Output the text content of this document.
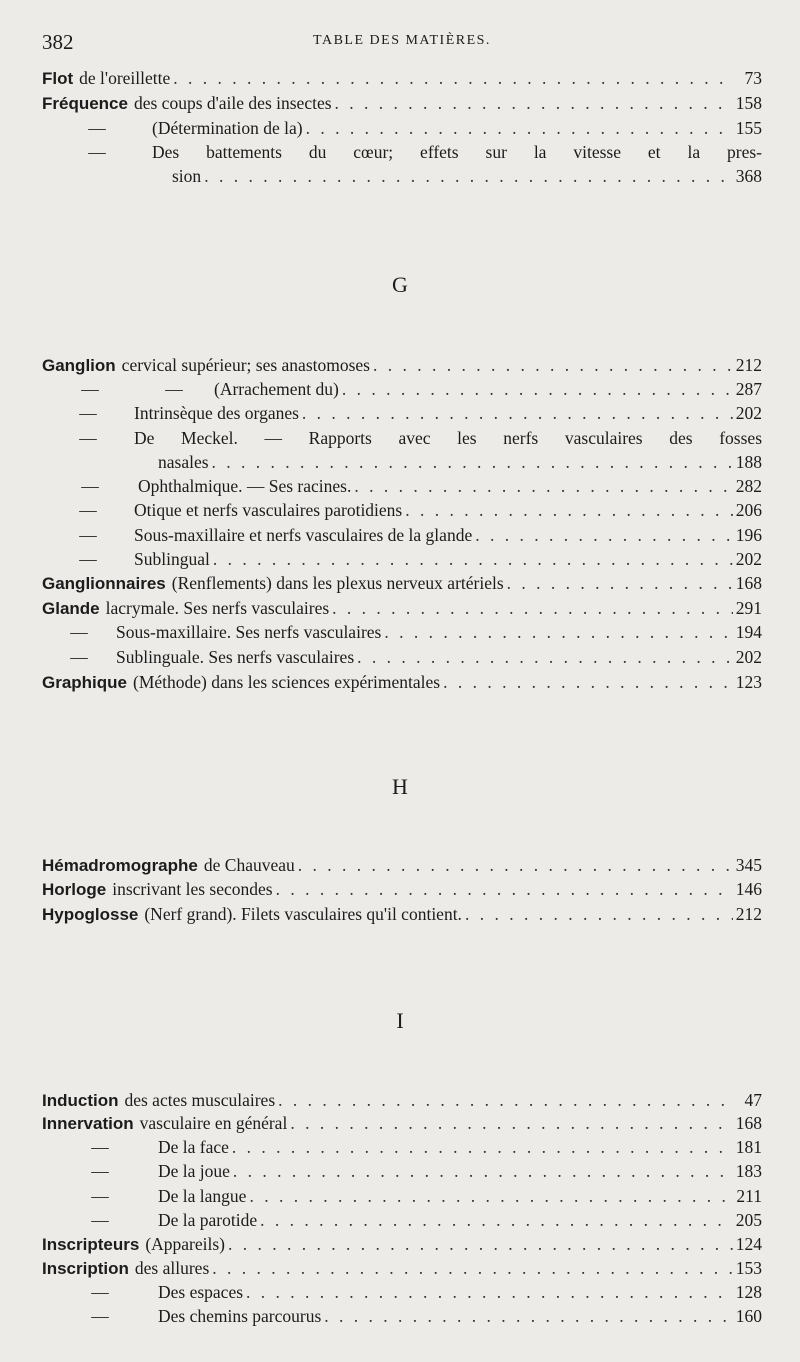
382	TABLE DES MATIÈRES.
Flot de l'oreillette . . .	73
Fréquence des coups d'aile des insectes . . .	158
—	(Détermination de la) . . .	155
—	Des battements du cœur; effets sur la vitesse et la pres-
sion . . .	368
G
Ganglion cervical supérieur; ses anastomoses . . .	212
—	—	(Arrachement du) . . .	287
—	Intrinsèque des organes . . .	202
—	De Meckel. — Rapports avec les nerfs vasculaires des fosses
nasales . . .	188
—	Ophthalmique. — Ses racines. . . .	282
—	Otique et nerfs vasculaires parotidiens . . .	206
—	Sous-maxillaire et nerfs vasculaires de la glande . . .	196
—	Sublingual . . .	202
Ganglionnaires (Renflements) dans les plexus nerveux artériels . . .	168
Glande lacrymale. Ses nerfs vasculaires . . .	291
—	Sous-maxillaire. Ses nerfs vasculaires . . .	194
—	Sublinguale. Ses nerfs vasculaires . . .	202
Graphique (Méthode) dans les sciences expérimentales . . .	123
H
Hémadromographe de Chauveau . . .	345
Horloge inscrivant les secondes . . .	146
Hypoglosse (Nerf grand). Filets vasculaires qu'il contient. . . .	212
I
Induction des actes musculaires . . .	47
Innervation vasculaire en général . . .	168
—	De la face . . .	181
—	De la joue . . .	183
—	De la langue . . .	211
—	De la parotide . . .	205
Inscripteurs (Appareils) . . .	124
Inscription des allures . . .	153
—	Des espaces . . .	128
—	Des chemins parcourus . . .	160
